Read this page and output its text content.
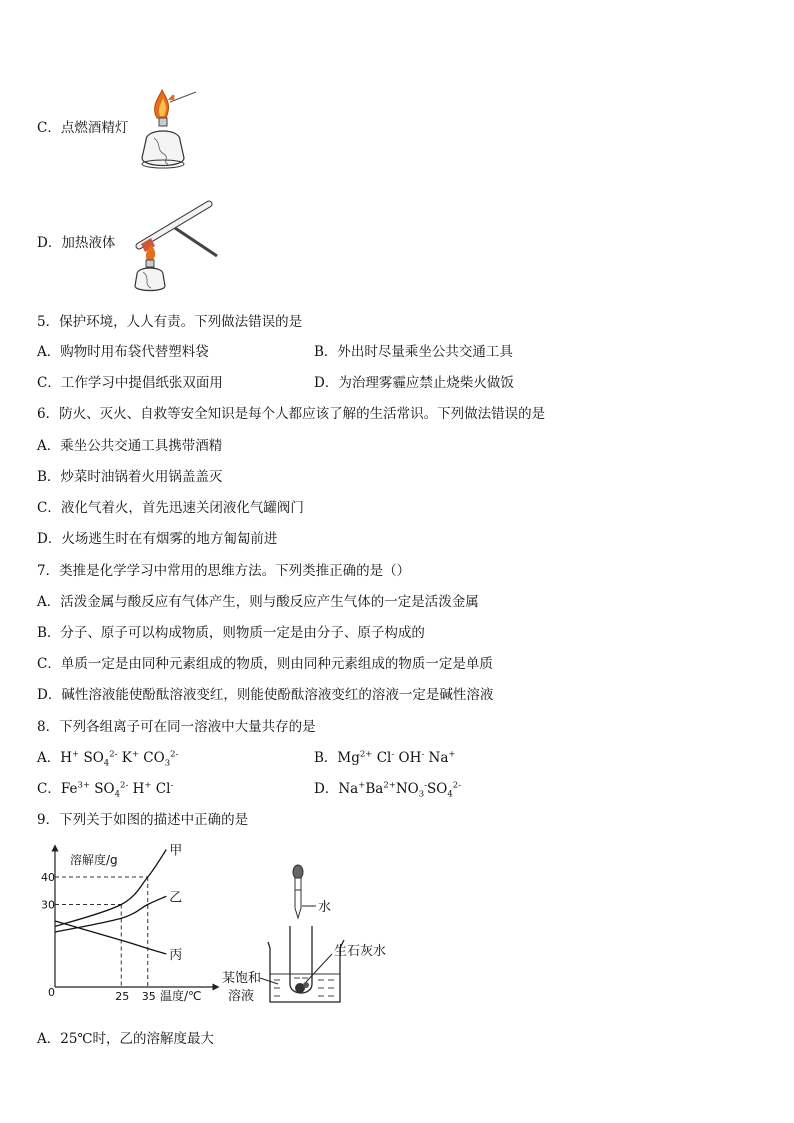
C．点燃酒精灯
D．加热液体
5．保护环境，人人有责。下列做法错误的是
A．购物时用布袋代替塑料袋	B．外出时尽量乘坐公共交通工具
C．工作学习中提倡纸张双面用	D．为治理雾霾应禁止烧柴火做饭
6．防火、灭火、自救等安全知识是每个人都应该了解的生活常识。下列做法错误的是
A．乘坐公共交通工具携带酒精
B．炒菜时油锅着火用锅盖盖灭
C．液化气着火，首先迅速关闭液化气罐阀门
D．火场逃生时在有烟雾的地方匍匐前进
7．类推是化学学习中常用的思维方法。下列类推正确的是（）
A．活泼金属与酸反应有气体产生，则与酸反应产生气体的一定是活泼金属
B．分子、原子可以构成物质，则物质一定是由分子、原子构成的
C．单质一定是由同种元素组成的物质，则由同种元素组成的物质一定是单质
D．碱性溶液能使酚酞溶液变红，则能使酚酞溶液变红的溶液一定是碱性溶液
8．下列各组离子可在同一溶液中大量共存的是
A．H+ $SO_4^{2-}$ K+ $CO_3^{2-}$	B．$Mg^{2+}$ Cl- OH- Na+
C．$Fe^{3+}$ $SO_4^{2-}$ H+ Cl-	D．$Na^+Ba^{2+}NO_3^-SO_4^{2-}$
9．下列关于如图的描述中正确的是
溶解度/g
温度/℃
0
30
40
25 35
甲
乙
丙
水
生石灰水
某饱和
溶液
A．25℃时，乙的溶解度最大
